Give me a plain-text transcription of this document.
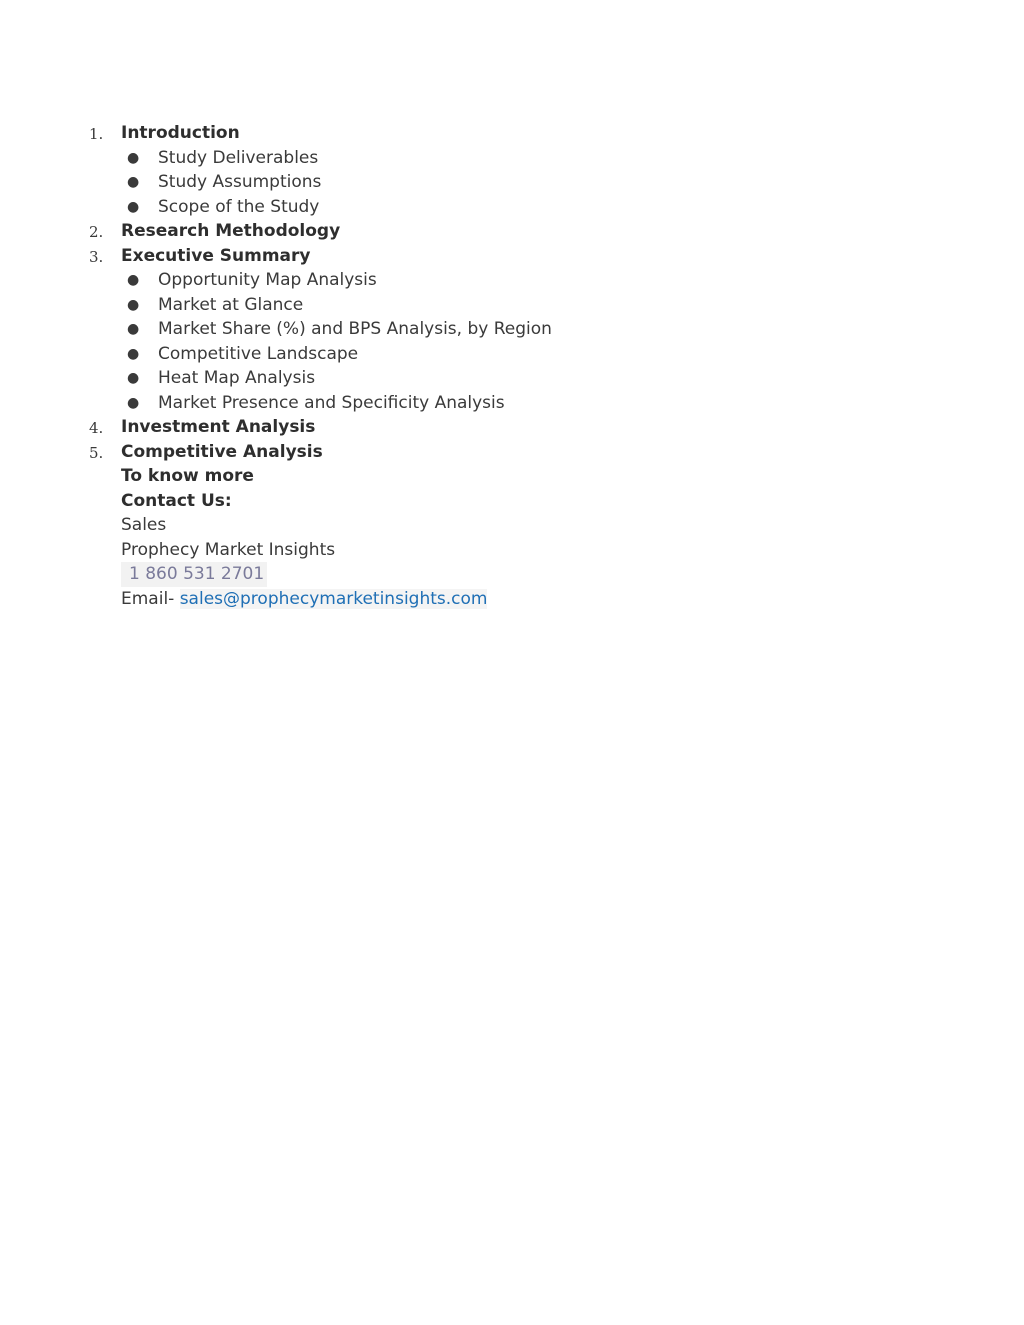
1. Introduction
● Study Deliverables
● Study Assumptions
● Scope of the Study
2. Research Methodology
3. Executive Summary
● Opportunity Map Analysis
● Market at Glance
● Market Share (%) and BPS Analysis, by Region
● Competitive Landscape
● Heat Map Analysis
● Market Presence and Specificity Analysis
4. Investment Analysis
5. Competitive Analysis
To know more
Contact Us:
Sales
Prophecy Market Insights
1 860 531 2701
Email- sales@prophecymarketinsights.com
